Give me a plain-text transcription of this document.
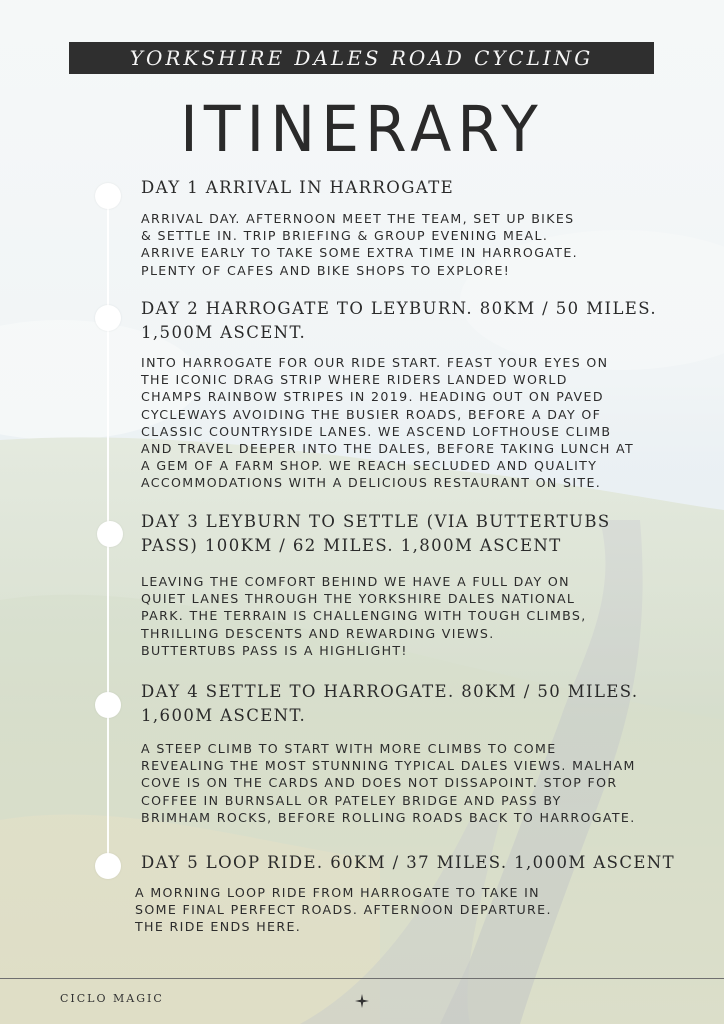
YORKSHIRE DALES ROAD CYCLING
ITINERARY
DAY 1 ARRIVAL IN HARROGATE
ARRIVAL DAY. AFTERNOON MEET THE TEAM, SET UP BIKES
& SETTLE IN. TRIP BRIEFING & GROUP EVENING MEAL.
ARRIVE EARLY TO TAKE SOME EXTRA TIME IN HARROGATE.
PLENTY OF CAFES AND BIKE SHOPS TO EXPLORE!
DAY 2 HARROGATE TO LEYBURN. 80KM / 50 MILES.
1,500M ASCENT.
INTO HARROGATE FOR OUR RIDE START. FEAST YOUR EYES ON
THE ICONIC DRAG STRIP WHERE RIDERS LANDED WORLD
CHAMPS RAINBOW STRIPES IN 2019. HEADING OUT ON PAVED
CYCLEWAYS AVOIDING THE BUSIER ROADS, BEFORE A DAY OF
CLASSIC COUNTRYSIDE LANES. WE ASCEND LOFTHOUSE CLIMB
AND TRAVEL DEEPER INTO THE DALES, BEFORE TAKING LUNCH AT
A GEM OF A FARM SHOP. WE REACH SECLUDED AND QUALITY
ACCOMMODATIONS WITH A DELICIOUS RESTAURANT ON SITE.
DAY 3 LEYBURN TO SETTLE (VIA BUTTERTUBS
PASS) 100KM / 62 MILES. 1,800M ASCENT
LEAVING THE COMFORT BEHIND WE HAVE A FULL DAY ON
QUIET LANES THROUGH THE YORKSHIRE DALES NATIONAL
PARK. THE TERRAIN IS CHALLENGING WITH TOUGH CLIMBS,
THRILLING DESCENTS AND REWARDING VIEWS.
BUTTERTUBS PASS IS A HIGHLIGHT!
DAY 4 SETTLE TO HARROGATE. 80KM / 50 MILES.
1,600M ASCENT.
A STEEP CLIMB TO START WITH MORE CLIMBS TO COME
REVEALING THE MOST STUNNING TYPICAL DALES VIEWS. MALHAM
COVE IS ON THE CARDS AND DOES NOT DISSAPOINT. STOP FOR
COFFEE IN BURNSALL OR PATELEY BRIDGE AND PASS BY
BRIMHAM ROCKS, BEFORE ROLLING ROADS BACK TO HARROGATE.
DAY 5 LOOP RIDE. 60KM / 37 MILES. 1,000M ASCENT
A MORNING LOOP RIDE FROM HARROGATE TO TAKE IN
SOME FINAL PERFECT ROADS. AFTERNOON DEPARTURE.
THE RIDE ENDS HERE.
CICLO MAGIC
